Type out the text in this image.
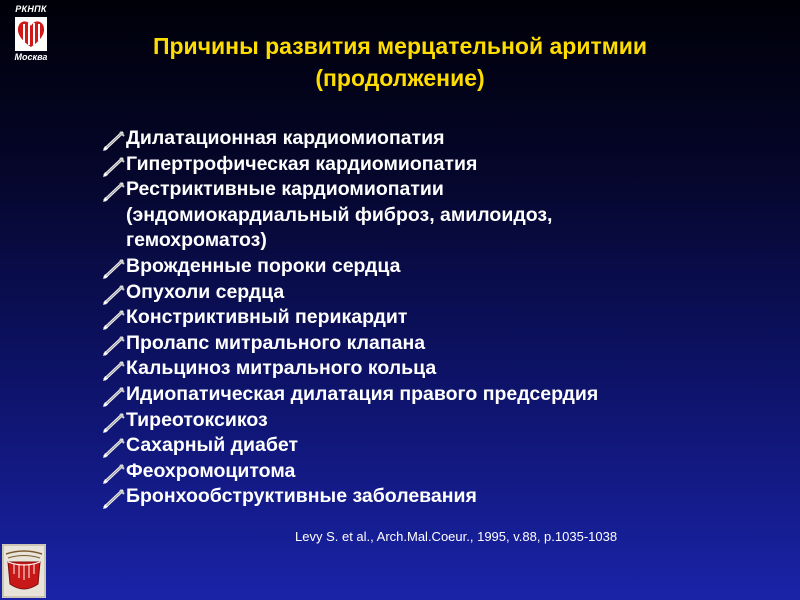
РКНПК
Москва	Причины развития мерцательной аритмии
(продолжение)
Дилатационная кардиомиопатия
Гипертрофическая кардиомиопатия
Рестриктивные кардиомиопатии
(эндомиокардиальный фиброз, амилоидоз,
гемохроматоз)
Врожденные пороки сердца
Опухоли сердца
Констриктивный перикардит
Пролапс митрального клапана
Кальциноз митрального кольца
Идиопатическая дилатация правого предсердия
Тиреотоксикоз
Сахарный диабет
Феохромоцитома
Бронхообструктивные заболевания
Levy S. et al., Arch.Mal.Coeur., 1995, v.88, p.1035-1038
